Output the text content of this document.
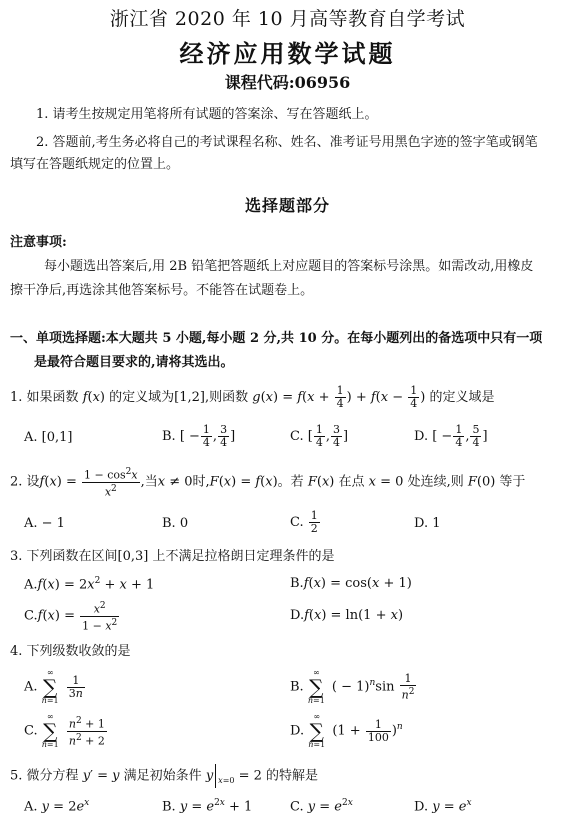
浙江省 2020 年 10 月高等教育自学考试
经济应用数学试题
课程代码:06956
1. 请考生按规定用笔将所有试题的答案涂、写在答题纸上。
2. 答题前,考生务必将自己的考试课程名称、姓名、准考证号用黑色字迹的签字笔或钢笔
填写在答题纸规定的位置上。
选择题部分
注意事项:
每小题选出答案后,用 2B 铅笔把答题纸上对应题目的答案标号涂黑。如需改动,用橡皮
擦干净后,再选涂其他答案标号。不能答在试题卷上。
一、单项选择题:本大题共 5 小题,每小题 2 分,共 10 分。在每小题列出的备选项中只有一项
是最符合题目要求的,请将其选出。
1. 如果函数 f(x) 的定义域为[1,2],则函数 $g(x) = f(x + \frac{1}{4}$ ) + $f(x - \frac{1}{4}$ ) 的定义域是
A. [0,1]	B. [ − $\frac{1}{4}$ , $\frac{3}{4}$ ]	C. [ $\frac{1}{4}$ , $\frac{3}{4}$ ]	D. [ − $\frac{1}{4}$ , $\frac{5}{4}$ ]
2. 设$f(x) = \frac{1 - \cos^2x}{x^2}$ ,当x ≠ 0时,F(x) = f(x)。若 F(x) 在点 x = 0 处连续,则 F(0) 等于
A. − 1	B. 0	C. $\frac{1}{2}$	D. 1
3. 下列函数在区间[0,3] 上不满足拉格朗日定理条件的是
$A.f(x) = 2x^2 + x + 1$	B.f(x) = cos(x + 1)
$C.f(x) = \frac{x^2}{1 - x^2}$	D.f(x) = ln(1 + x)
4. 下列级数收敛的是
A.
∞
∑
n=1

$\frac{1}{3n}$	B.
∞
∑
n=1
( − $1)^n\sin \frac{1}{n^2}$
C.
∞
∑
n=1
$\frac{n^2 + 1}{n^2 + 2}$	D.
∞
∑
n=1
$(1 + \frac{1}{100} )^n$
5. 微分方程 y′ = y 满足初始条件 y $_{x=0}$ = 2 的特解是
A. $y = 2e^x$	B. $y = e^{2x} + 1$	C. $y = e^{2x}$	D. $y = e^x$
